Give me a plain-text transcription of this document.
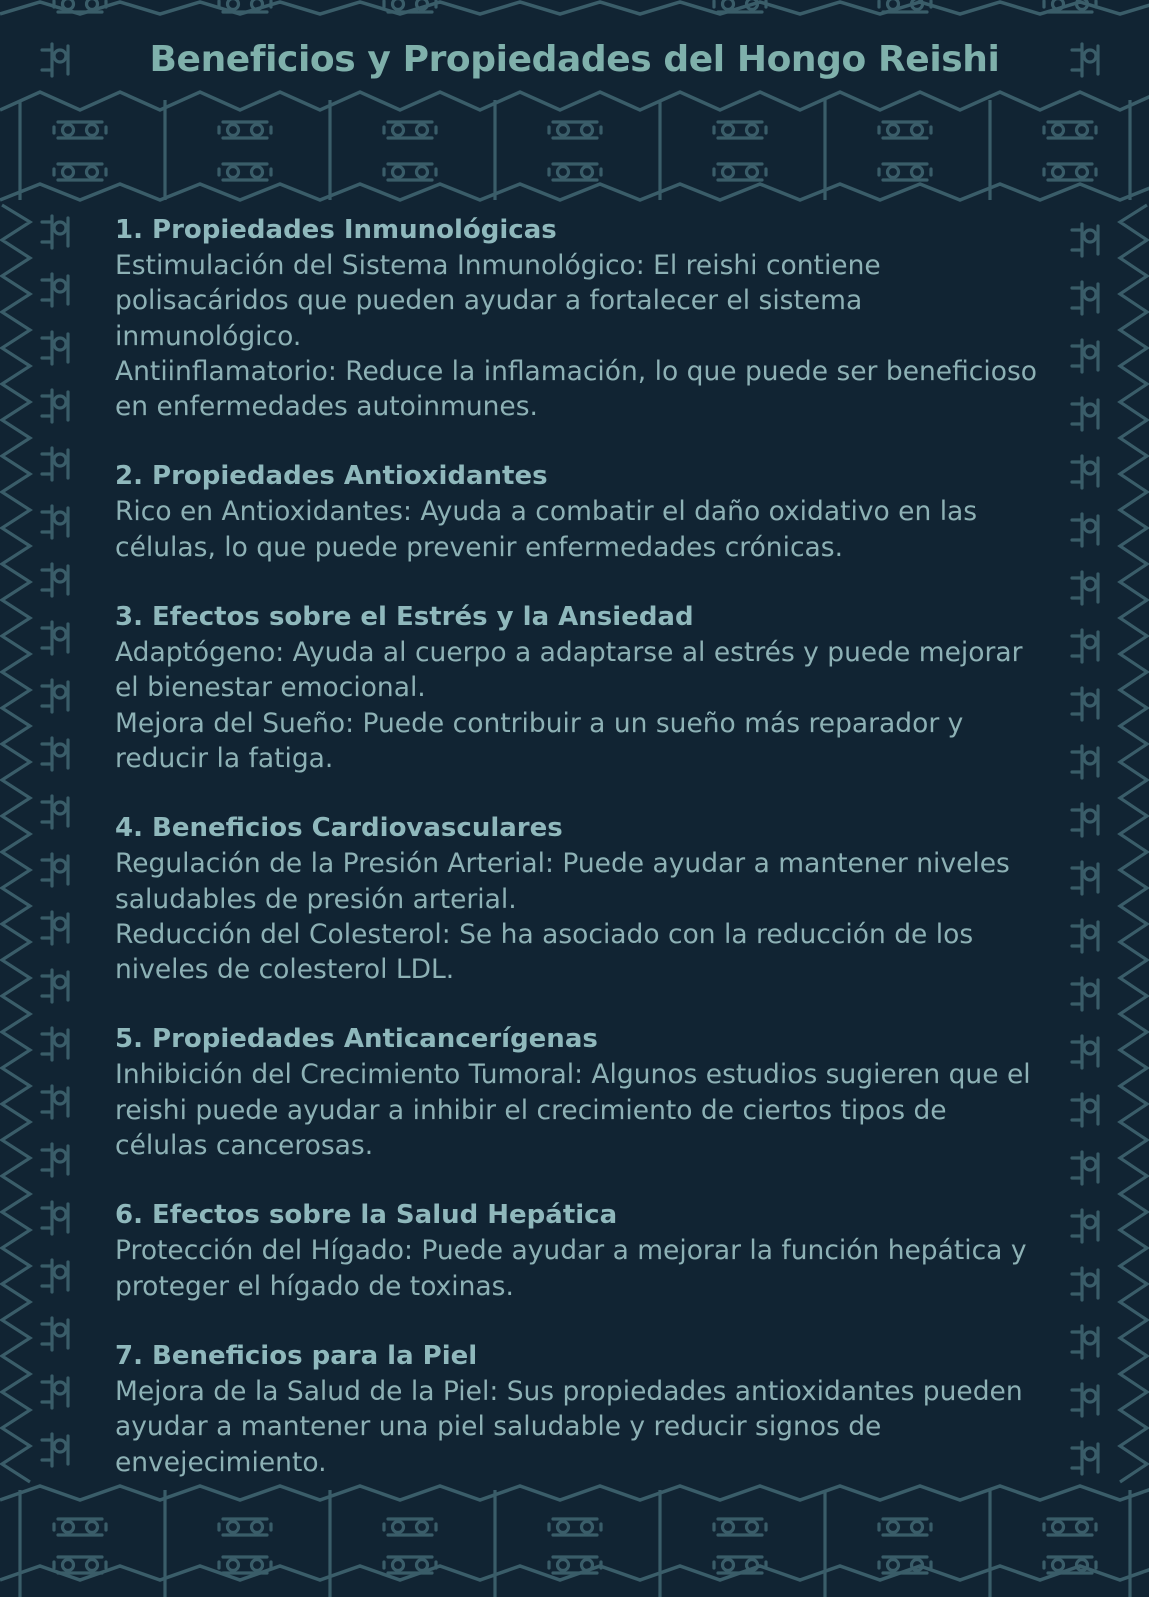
Beneficios y Propiedades del Hongo Reishi

1. Propiedades Inmunológicas

Estimulación del Sistema Inmunológico: El reishi contiene polisacáridos que pueden ayudar a fortalecer el sistema inmunológico.

Antiinflamatorio: Reduce la inflamación, lo que puede ser beneficioso en enfermedades autoinmunes.

2. Propiedades Antioxidantes

Rico en Antioxidantes: Ayuda a combatir el daño oxidativo en las células, lo que puede prevenir enfermedades crónicas.

3. Efectos sobre el Estrés y la Ansiedad

Adaptógeno: Ayuda al cuerpo a adaptarse al estrés y puede mejorar el bienestar emocional.

Mejora del Sueño: Puede contribuir a un sueño más reparador y reducir la fatiga.

4. Beneficios Cardiovasculares

Regulación de la Presión Arterial: Puede ayudar a mantener niveles saludables de presión arterial.

Reducción del Colesterol: Se ha asociado con la reducción de los niveles de colesterol LDL.

5. Propiedades Anticancerígenas

Inhibición del Crecimiento Tumoral: Algunos estudios sugieren que el reishi puede ayudar a inhibir el crecimiento de ciertos tipos de células cancerosas.

6. Efectos sobre la Salud Hepática

Protección del Hígado: Puede ayudar a mejorar la función hepática y proteger el hígado de toxinas.

7. Beneficios para la Piel

Mejora de la Salud de la Piel: Sus propiedades antioxidantes pueden ayudar a mantener una piel saludable y reducir signos de envejecimiento.
